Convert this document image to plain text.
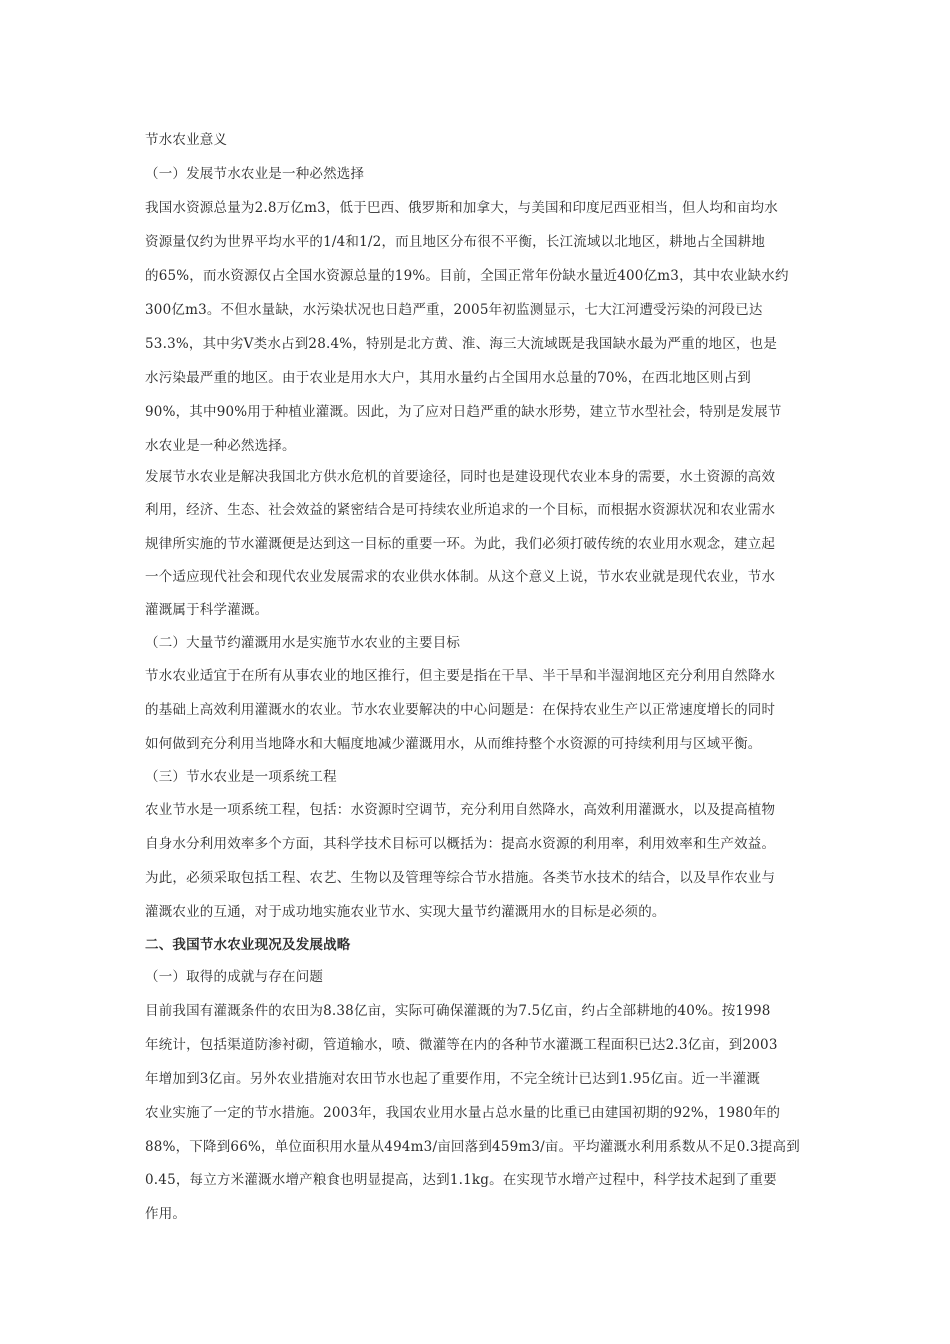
节水农业意义

（一）发展节水农业是一种必然选择

我国水资源总量为2.8万亿m3，低于巴西、俄罗斯和加拿大，与美国和印度尼西亚相当，但人均和亩均水

资源量仅约为世界平均水平的1/4和1/2，而且地区分布很不平衡，长江流域以北地区，耕地占全国耕地

的65%，而水资源仅占全国水资源总量的19%。目前，全国正常年份缺水量近400亿m3，其中农业缺水约

300亿m3。不但水量缺，水污染状况也日趋严重，2005年初监测显示，七大江河遭受污染的河段已达

53.3%，其中劣Ⅴ类水占到28.4%，特别是北方黄、淮、海三大流域既是我国缺水最为严重的地区，也是

水污染最严重的地区。由于农业是用水大户，其用水量约占全国用水总量的70%，在西北地区则占到

90%，其中90%用于种植业灌溉。因此，为了应对日趋严重的缺水形势，建立节水型社会，特别是发展节

水农业是一种必然选择。

发展节水农业是解决我国北方供水危机的首要途径，同时也是建设现代农业本身的需要，水土资源的高效

利用，经济、生态、社会效益的紧密结合是可持续农业所追求的一个目标，而根据水资源状况和农业需水

规律所实施的节水灌溉便是达到这一目标的重要一环。为此，我们必须打破传统的农业用水观念，建立起

一个适应现代社会和现代农业发展需求的农业供水体制。从这个意义上说，节水农业就是现代农业，节水

灌溉属于科学灌溉。

（二）大量节约灌溉用水是实施节水农业的主要目标

节水农业适宜于在所有从事农业的地区推行，但主要是指在干旱、半干旱和半湿润地区充分利用自然降水

的基础上高效利用灌溉水的农业。节水农业要解决的中心问题是：在保持农业生产以正常速度增长的同时

如何做到充分利用当地降水和大幅度地减少灌溉用水，从而维持整个水资源的可持续利用与区域平衡。

（三）节水农业是一项系统工程

农业节水是一项系统工程，包括：水资源时空调节，充分利用自然降水，高效利用灌溉水，以及提高植物

自身水分利用效率多个方面，其科学技术目标可以概括为：提高水资源的利用率，利用效率和生产效益。

为此，必须采取包括工程、农艺、生物以及管理等综合节水措施。各类节水技术的结合，以及旱作农业与

灌溉农业的互通，对于成功地实施农业节水、实现大量节约灌溉用水的目标是必须的。

二、我国节水农业现况及发展战略

（一）取得的成就与存在问题

目前我国有灌溉条件的农田为8.38亿亩，实际可确保灌溉的为7.5亿亩，约占全部耕地的40%。按1998

年统计，包括渠道防渗衬砌，管道输水，喷、微灌等在内的各种节水灌溉工程面积已达2.3亿亩，到2003

年增加到3亿亩。另外农业措施对农田节水也起了重要作用，不完全统计已达到1.95亿亩。近一半灌溉

农业实施了一定的节水措施。2003年，我国农业用水量占总水量的比重已由建国初期的92%，1980年的

88%，下降到66%，单位面积用水量从494m3/亩回落到459m3/亩。平均灌溉水利用系数从不足0.3提高到

0.45，每立方米灌溉水增产粮食也明显提高，达到1.1kg。在实现节水增产过程中，科学技术起到了重要

作用。
